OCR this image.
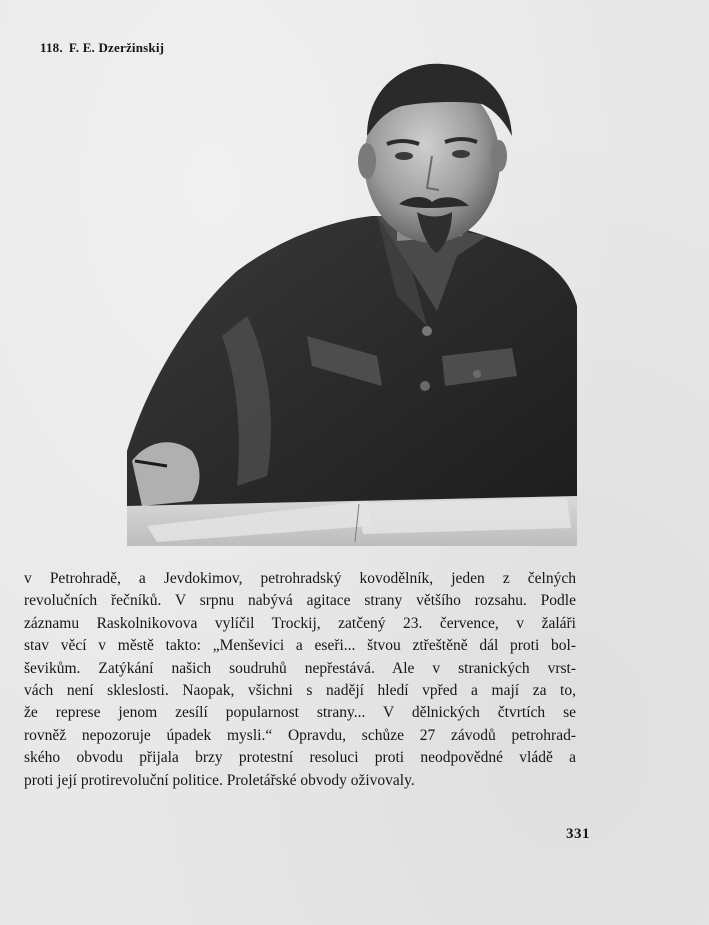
118. F. E. Dzeržinskij
v Petrohradě, a Jevdokimov, petrohradský kovodělník, jeden z čelných
revolučních řečníků. V srpnu nabývá agitace strany většího rozsahu. Podle
záznamu Raskolnikovova vylíčil Trockij, zatčený 23. července, v žaláři
stav věcí v městě takto: „Menševici a eseři... štvou ztřeštěně dál proti bol-
ševikům. Zatýkání našich soudruhů nepřestává. Ale v stranických vrst-
vách není skleslosti. Naopak, všichni s nadějí hledí vpřed a mají za to,
že represe jenom zesílí popularnost strany... V dělnických čtvrtích se
rovněž nepozoruje úpadek mysli.“ Opravdu, schůze 27 závodů petrohrad-
ského obvodu přijala brzy protestní resoluci proti neodpovědné vládě a
proti její protirevoluční politice. Proletářské obvody oživovaly.
331
